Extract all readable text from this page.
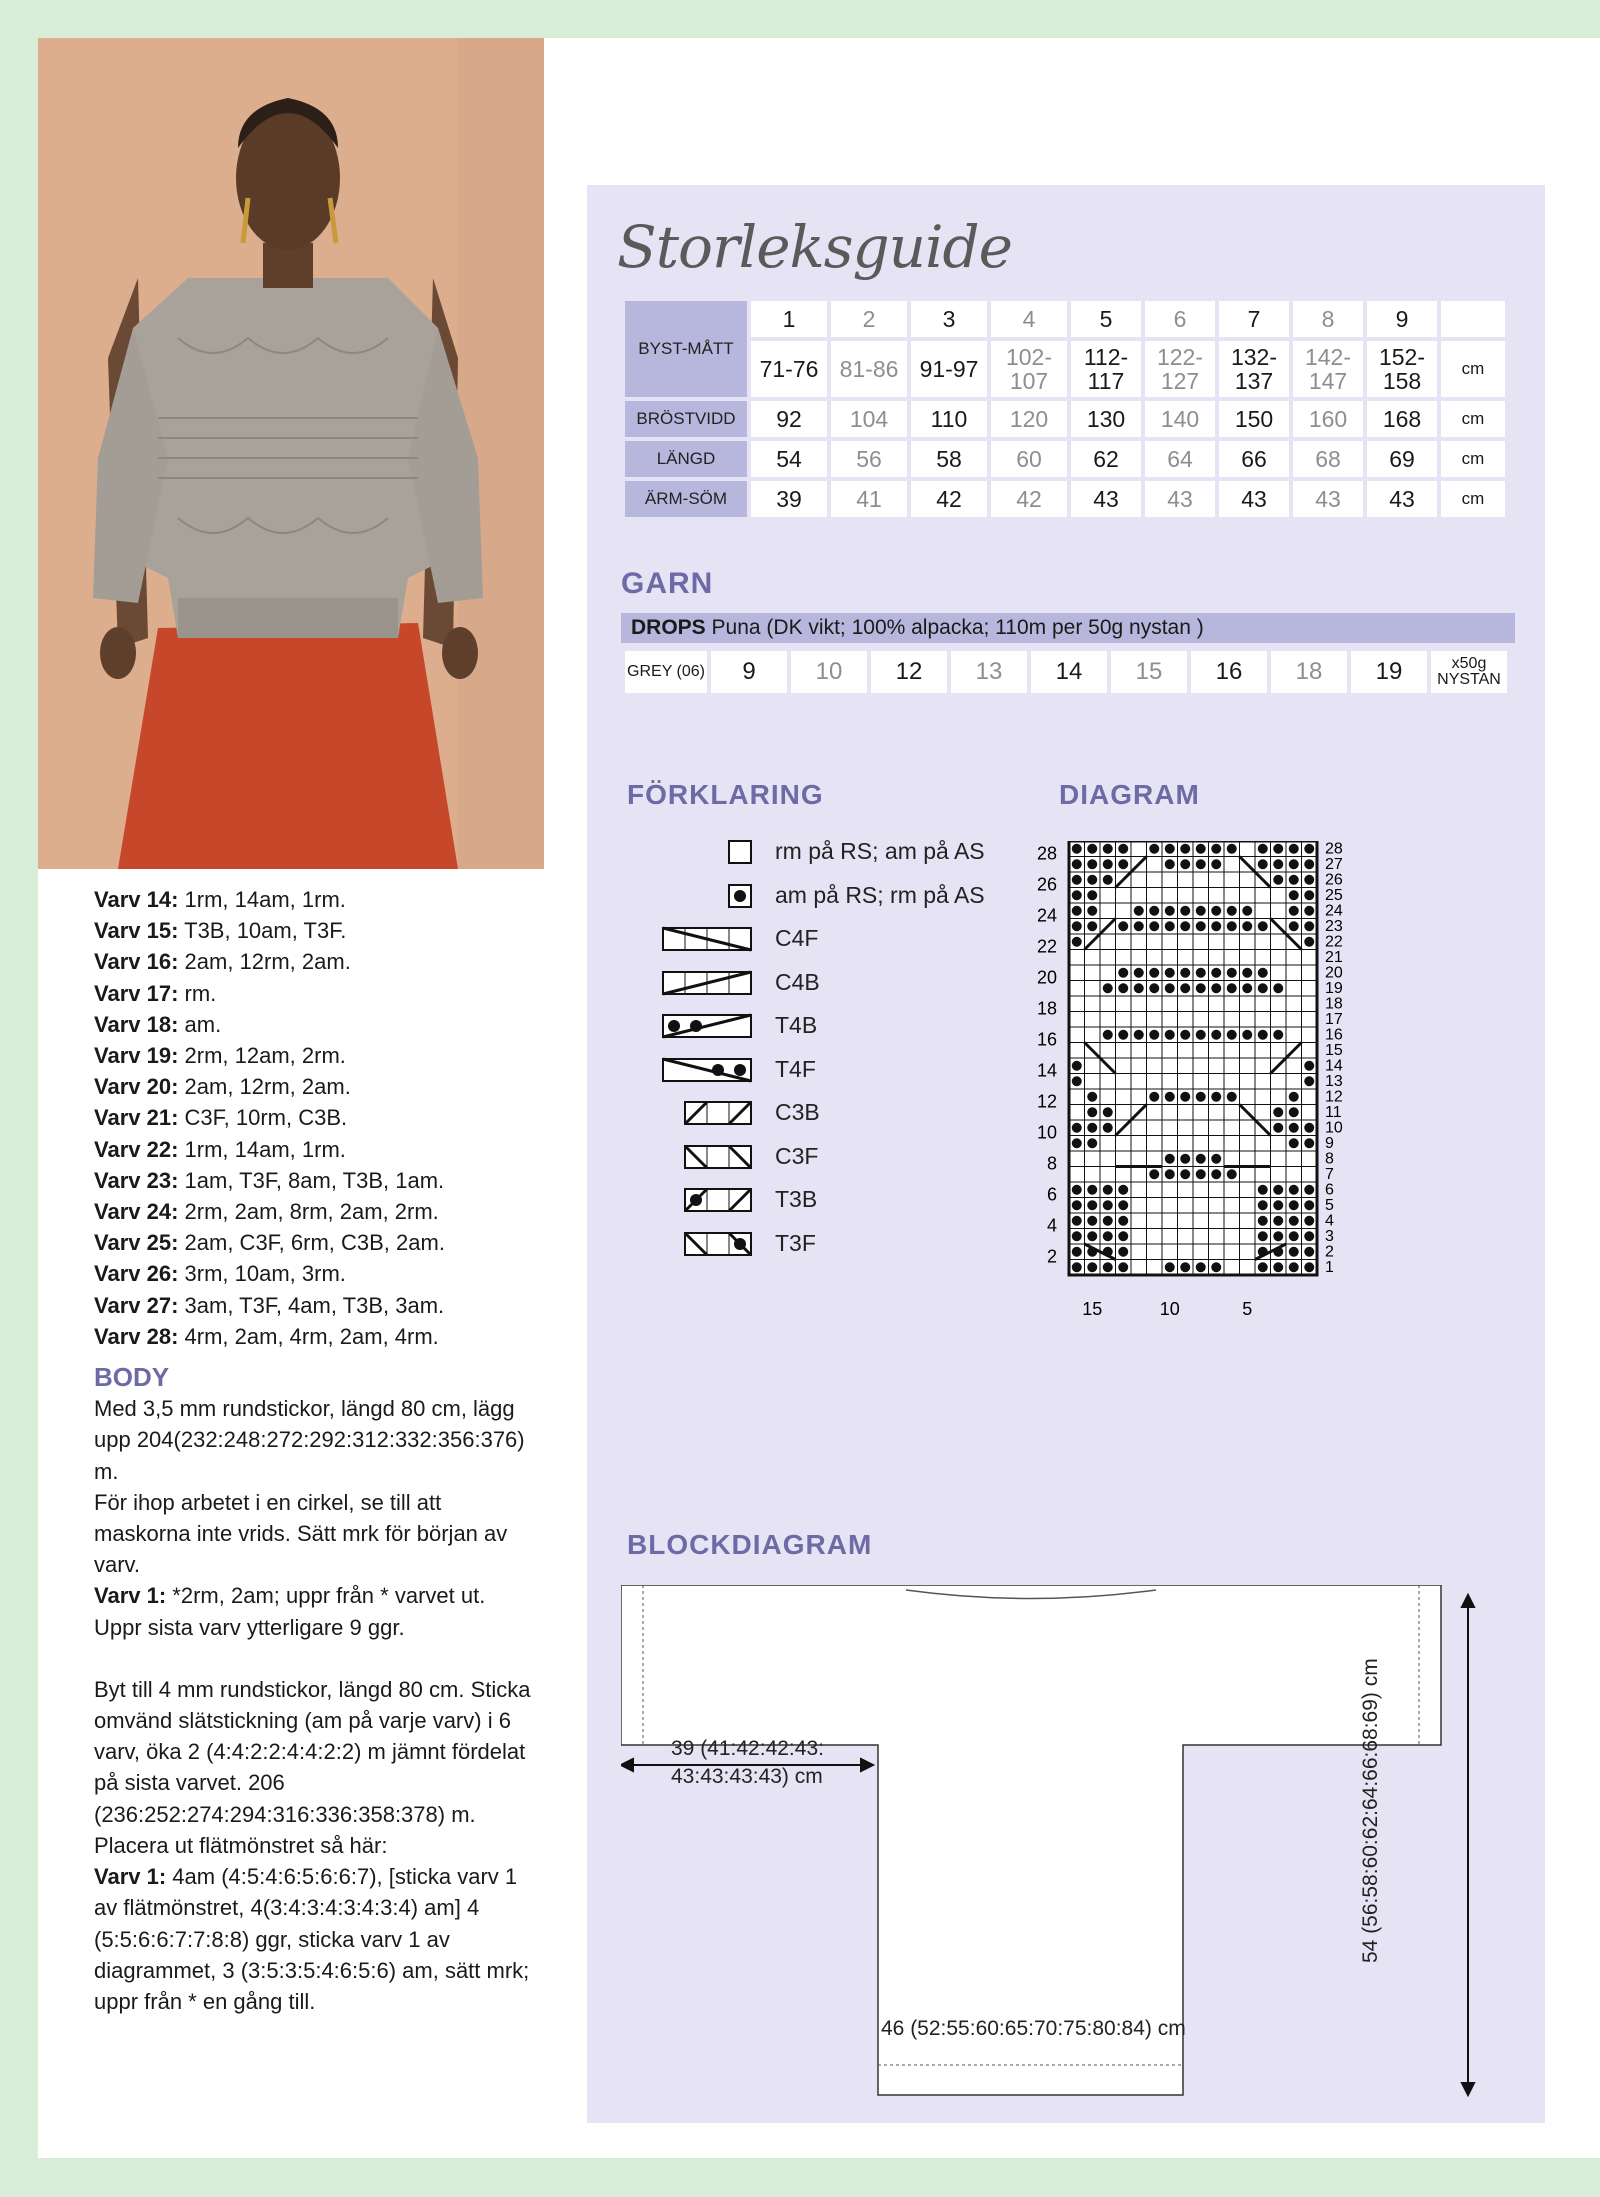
Varv 14: 1rm, 14am, 1rm.
Varv 15: T3B, 10am, T3F.
Varv 16: 2am, 12rm, 2am.
Varv 17: rm.
Varv 18: am.
Varv 19: 2rm, 12am, 2rm.
Varv 20: 2am, 12rm, 2am.
Varv 21: C3F, 10rm, C3B.
Varv 22: 1rm, 14am, 1rm.
Varv 23: 1am, T3F, 8am, T3B, 1am.
Varv 24: 2rm, 2am, 8rm, 2am, 2rm.
Varv 25: 2am, C3F, 6rm, C3B, 2am.
Varv 26: 3rm, 10am, 3rm.
Varv 27: 3am, T3F, 4am, T3B, 3am.
Varv 28: 4rm, 2am, 4rm, 2am, 4rm.
BODY
Med 3,5 mm rundstickor, längd 80 cm, lägg upp 204(232:248:272:292:312:332:356:376) m.
För ihop arbetet i en cirkel, se till att maskorna inte vrids. Sätt mrk för början av varv.
Varv 1: *2rm, 2am; uppr från * varvet ut.
Uppr sista varv ytterligare 9 ggr.
Byt till 4 mm rundstickor, längd 80 cm. Sticka omvänd slätstickning (am på varje varv) i 6 varv, öka 2 (4:4:2:2:4:4:2:2) m jämnt fördelat på sista varvet. 206 (236:252:274:294:316:336:358:378) m.
Placera ut flätmönstret så här:
Varv 1: 4am (4:5:4:6:5:6:6:7), [sticka varv 1 av flätmönstret, 4(3:4:3:4:3:4:3:4) am] 4 (5:5:6:6:7:7:8:8) ggr, sticka varv 1 av diagrammet, 3 (3:5:3:5:4:6:5:6) am, sätt mrk; uppr från * en gång till.
Storleksguide
BYST-MÅTT	1	2	3	4	5	6	7	8	9	
	71-76	81-86	91-97	102-107	112-117	122-127	132-137	142-147	152-158	cm
BRÖSTVIDD	92	104	110	120	130	140	150	160	168	cm
LÄNGD	54	56	58	60	62	64	66	68	69	cm
ÄRM-SÖM	39	41	42	42	43	43	43	43	43	cm
GARN
DROPS Puna (DK vikt; 100% alpacka; 110m per 50g nystan )
GREY (06)	9	10	12	13	14	15	16	18	19	x50g NYSTAN
FÖRKLARING	DIAGRAM
rm på RS; am på AS
am på RS; rm på AS
C4F
C4B
T4B
T4F
C3B
C3F
T3B
T3F
28
26
24
22
20
18
16
14
12
10
8
6
4
2
28
27
26
25
24
23
22
21
20
19
18
17
16
15
14
13
12
11
10
9
8
7
6
5
4
3
2
1
15	10	5
BLOCKDIAGRAM
39 (41:42:42:43:
43:43:43:43) cm
46 (52:55:60:65:70:75:80:84) cm
54 (56:58:60:62:64:66:68:69) cm
